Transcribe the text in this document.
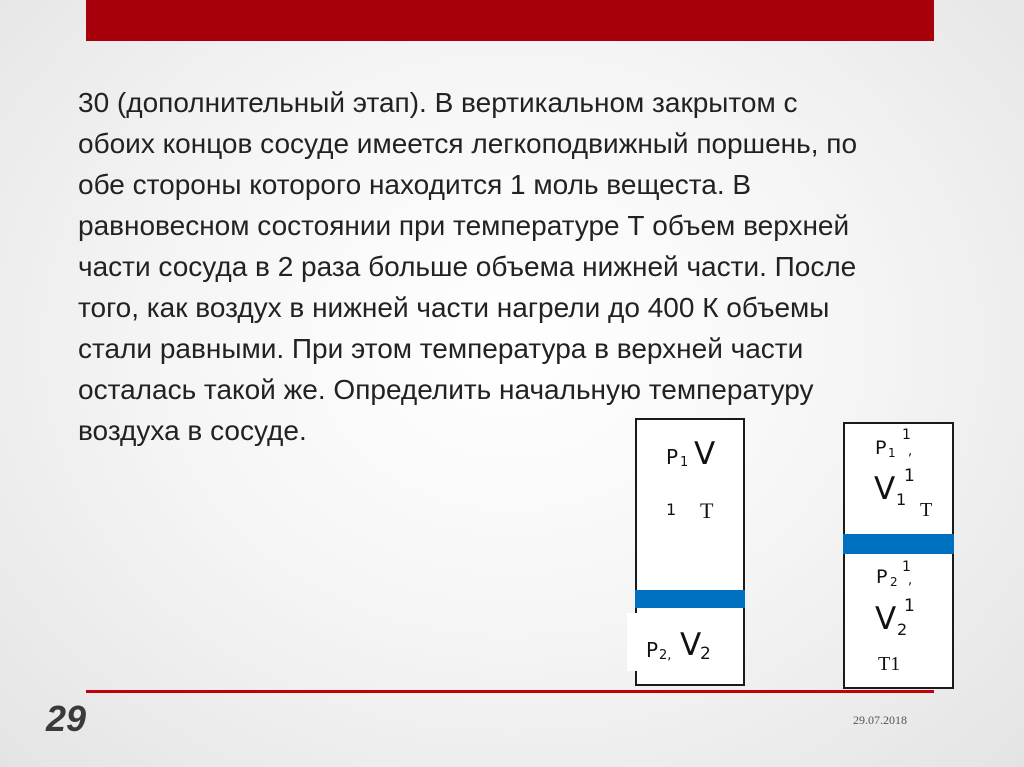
30 (дополнительный этап). В вертикальном закрытом с
обоих концов сосуде имеется легкоподвижный поршень, по
обе стороны которого находится 1 моль вещеста. В
равновесном состоянии при температуре Т объем верхней
части сосуда в 2 раза больше объема нижней части. После
того, как воздух в нижней части нагрели до 400 К объемы
стали равными. При этом температура в верхней части
осталась такой же. Определить начальную температуру
воздуха в сосуде.
P 1 V
1 T
P 2, V
2
P 1
1
,
V 1
1
T
P 2
1
,
V 2
1
T1
29	29.07.2018
